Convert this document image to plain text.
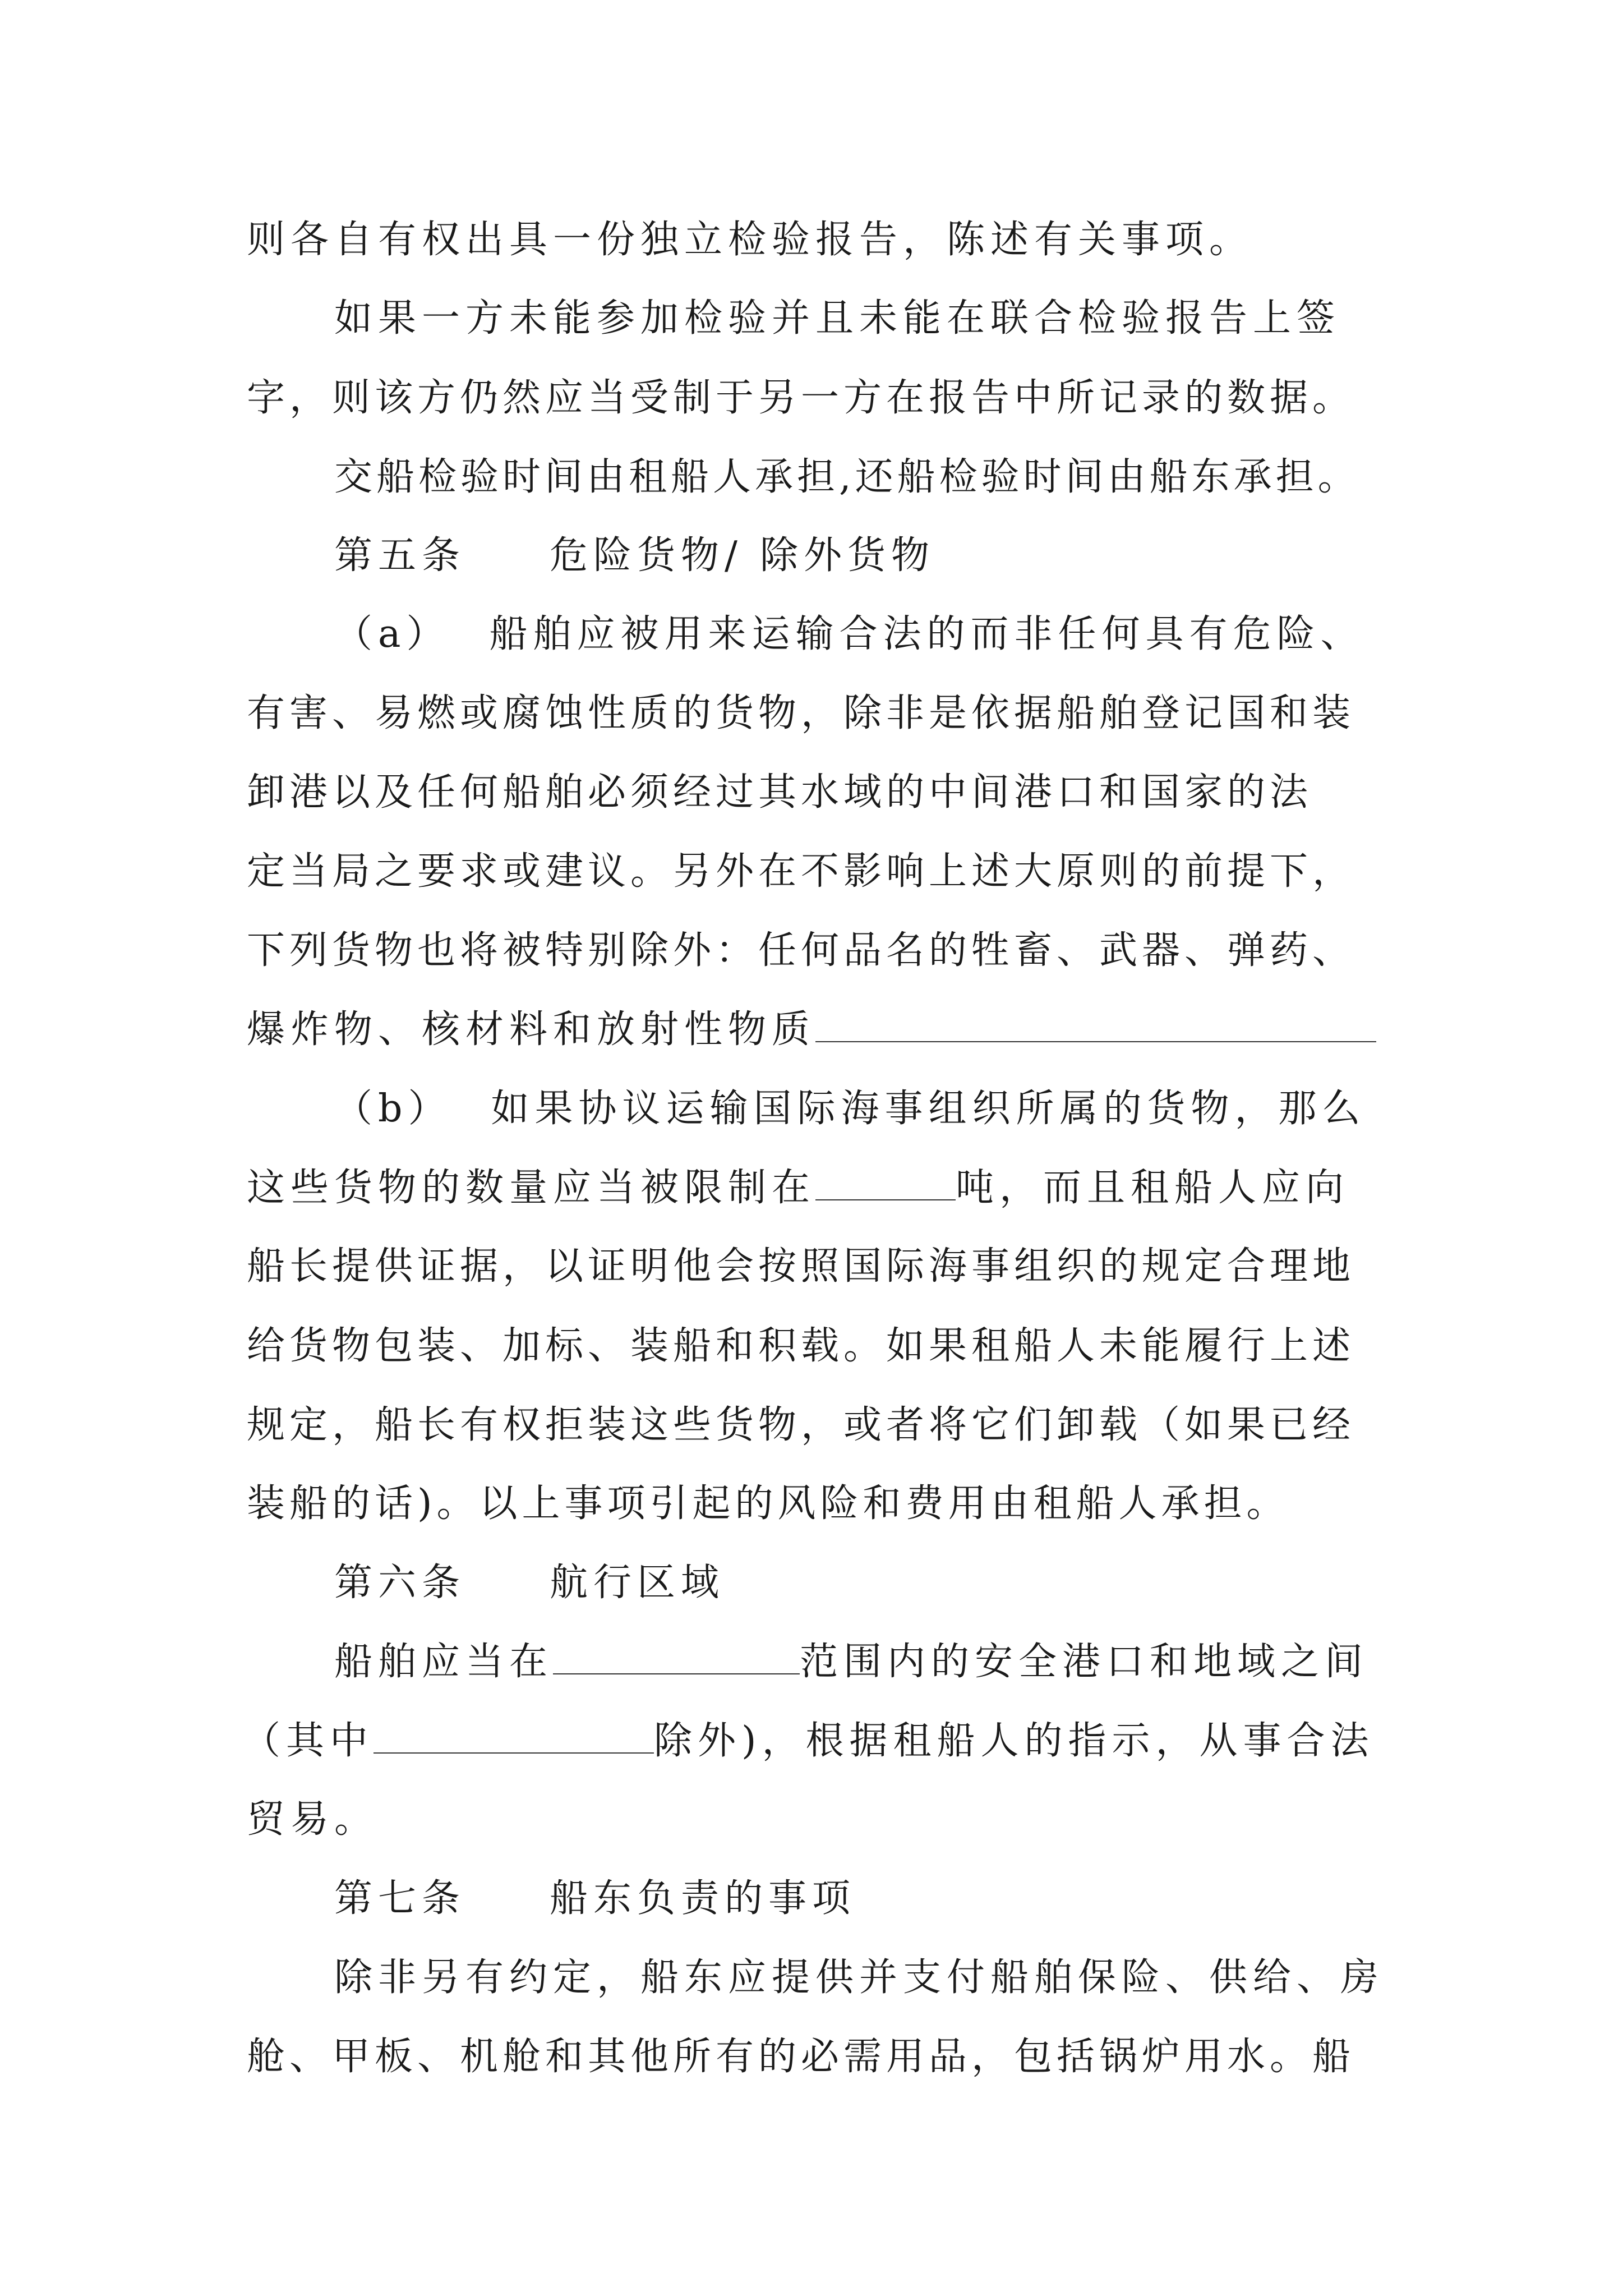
则各自有权出具一份独立检验报告，陈述有关事项。
如果一方未能参加检验并且未能在联合检验报告上签
字，则该方仍然应当受制于另一方在报告中所记录的数据。
交船检验时间由租船人承担,还船检验时间由船东承担。
第五条 危险货物/ 除外货物
（a） 船舶应被用来运输合法的而非任何具有危险、
有害、易燃或腐蚀性质的货物，除非是依据船舶登记国和装
卸港以及任何船舶必须经过其水域的中间港口和国家的法
定当局之要求或建议。另外在不影响上述大原则的前提下，
下列货物也将被特别除外：任何品名的牲畜、武器、弹药、
爆炸物、核材料和放射性物质
（b） 如果协议运输国际海事组织所属的货物，那么
这些货物的数量应当被限制在	吨，而且租船人应向
船长提供证据，以证明他会按照国际海事组织的规定合理地
给货物包装、加标、装船和积载。如果租船人未能履行上述
规定，船长有权拒装这些货物，或者将它们卸载（如果已经
装船的话)。以上事项引起的风险和费用由租船人承担。
第六条 航行区域
船舶应当在	范围内的安全港口和地域之间
（其中	除外)，根据租船人的指示，从事合法
贸易。
第七条 船东负责的事项
除非另有约定，船东应提供并支付船舶保险、供给、房
舱、甲板、机舱和其他所有的必需用品，包括锅炉用水。船
